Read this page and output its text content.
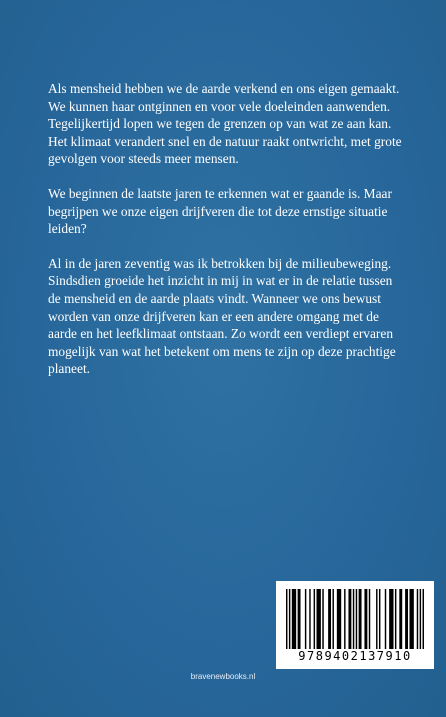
Als mensheid hebben we de aarde verkend en ons eigen gemaakt. We kunnen haar ontginnen en voor vele doeleinden aanwenden. Tegelijkertijd lopen we tegen de grenzen op van wat ze aan kan. Het klimaat verandert snel en de natuur raakt ontwricht, met grote gevolgen voor steeds meer mensen.

We beginnen de laatste jaren te erkennen wat er gaande is. Maar begrijpen we onze eigen drijfveren die tot deze ernstige situatie leiden?

Al in de jaren zeventig was ik betrokken bij de milieubeweging. Sindsdien groeide het inzicht in mij in wat er in de relatie tussen de mensheid en de aarde plaats vindt. Wanneer we ons bewust worden van onze drijfveren kan er een andere omgang met de aarde en het leefklimaat ontstaan. Zo wordt een verdiept ervaren mogelijk van wat het betekent om mens te zijn op deze prachtige planeet.

9789402137910
bravenewbooks.nl
